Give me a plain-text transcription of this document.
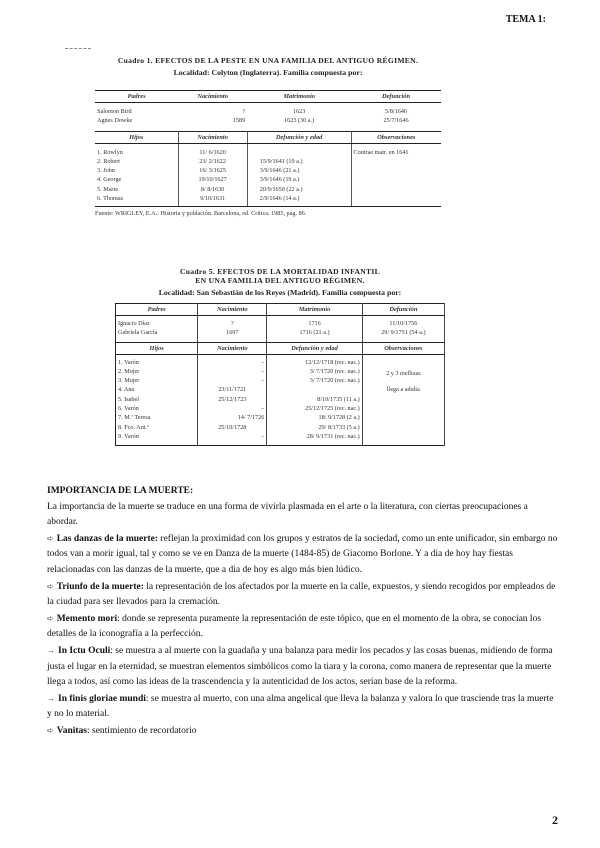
TEMA 1:
Cuadro 1. EFECTOS DE LA PESTE EN UNA FAMILIA DEL ANTIGUO RÉGIMEN.
Localidad: Colyton (Inglaterra). Familia compuesta por:
Padres	Nacimiento	Matrimonio	Defunción
Salomon Bird	?	1623	5/8/1646
Agnes Dowke	1589	1623 (30 a.)	25/7/1646
Hijos	Nacimiento	Defunción y edad	Observaciones
1. Rowlyn	11/ 6/1620		Contrae matr. en 1641
2. Robert	23/ 2/1622	15/9/1641 (19 a.)	
3. John	16/ 3/1625	3/9/1646 (21 a.)	
4. George	19/10/1627	3/9/1646 (19 a.)	
5. Marie	8/ 8/1630	20/9/1650 (22 a.)	
6. Thomas	9/10/1631	2/9/1646 (14 a.)	
Fuente: WRIGLEY, E.A.: Historia y población. Barcelona, ed. Crítica. 1985, pág. 86.
Cuadro 5. EFECTOS DE LA MORTALIDAD INFANTIL
EN UNA FAMILIA DEL ANTIGUO RÉGIMEN.
Localidad: San Sebastián de los Reyes (Madrid). Familia compuesta por:
Padres	Nacimiento	Matrimonio	Defunción
Ignacio Díaz	?	1716	11/10/1756
Gabriela García	1697	1716 (21 a.)	29/ 9/1751 (54 a.)
Hijos	Nacimiento	Defunción y edad	Observaciones
1. Varón	–	12/12/1718 (rec. nac.)	
2. Mujer	–	3/ 7/1720 (rec. nac.)	2 y 3 mellizas
3. Mujer	–	3/ 7/1720 (rec. nac.)	
4. Ana	23/11/1721		llega a adulta
5. Isabel	25/12/1723	8/10/1735 (11 a.)	
6. Varón	–	25/12/1725 (rec. nac.)	
7. M.ª Teresa	14/ 7/1726	18/ 9/1728 (2 a.)	
8. Fco. Ant.º	25/10/1728	29/ 8/1733 (5 a.)	
9. Varón	–	28/ 9/1731 (rec. nac.)	

IMPORTANCIA DE LA MUERTE:

La importancia de la muerte se traduce en una forma de vivirla plasmada en el arte o la literatura, con ciertas preocupaciones a abordar.

➪ Las danzas de la muerte: reflejan la proximidad con los grupos y estratos de la sociedad, como un ente unificador, sin embargo no todos van a morir igual, tal y como se ve en Danza de la muerte (1484-85) de Giacomo Borlone. Y a dia de hoy hay fiestas relacionadas con las danzas de la muerte, que a dia de hoy es algo más bien lúdico.

➪ Triunfo de la muerte: la representación de los afectados por la muerte en la calle, expuestos, y siendo recogidos por empleados de la ciudad para ser llevados para la cremación.

➪ Memento mori: donde se representa puramente la representación de este tópico, que en el momento de la obra, se conocían los detalles de la iconografía a la perfección.

→ In Ictu Oculi: se muestra a al muerte con la guadaña y una balanza para medir los pecados y las cosas buenas, midiendo de forma justa el lugar en la eternidad, se muestran elementos simbólicos como la tiara y la corona, como manera de representar que la muerte llega a todos, así como las ideas de la trascendencia y la autenticidad de los actos, serían base de la reforma.

→ In finis gloriae mundi: se muestra al muerto, con una alma angelical que lleva la balanza y valora lo que trasciende tras la muerte y no lo material.

➪ Vanitas: sentimiento de recordatorio

2
